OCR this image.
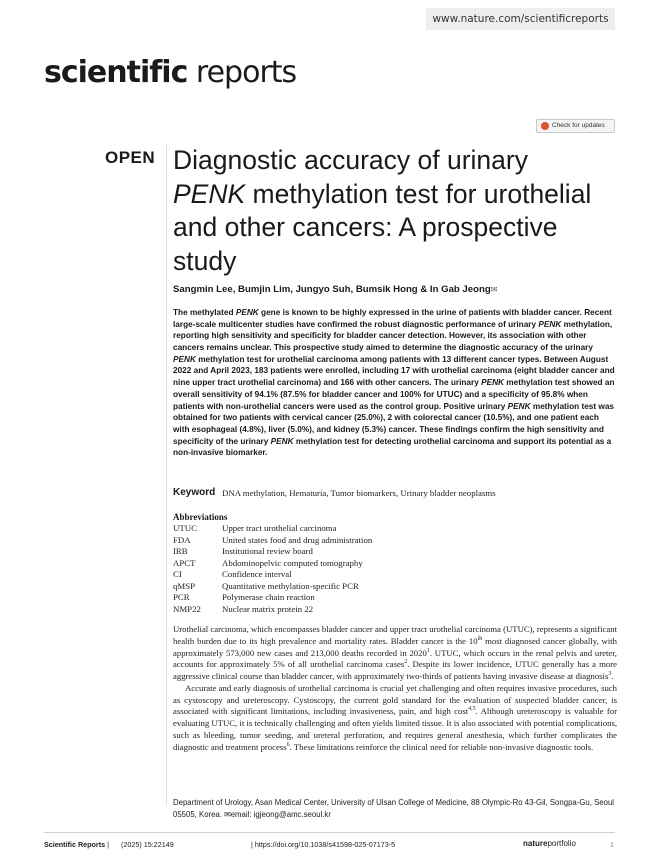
www.nature.com/scientificreports
scientific reports
Check for updates
OPEN Diagnostic accuracy of urinary
PENK methylation test for urothelial and other cancers: A prospective study
Sangmin Lee, Bumjin Lim, Jungyo Suh, Bumsik Hong & In Gab Jeong✉

The methylated PENK gene is known to be highly expressed in the urine of patients with bladder cancer. Recent large-scale multicenter studies have confirmed the robust diagnostic performance of urinary PENK methylation, reporting high sensitivity and specificity for bladder cancer detection. However, its association with other cancers remains unclear. This prospective study aimed to determine the diagnostic accuracy of the urinary PENK methylation test for urothelial carcinoma among patients with 13 different cancer types. Between August 2022 and April 2023, 183 patients were enrolled, including 17 with urothelial carcinoma (eight bladder cancer and nine upper tract urothelial carcinoma) and 166 with other cancers. The urinary PENK methylation test showed an overall sensitivity of 94.1% (87.5% for bladder cancer and 100% for UTUC) and a specificity of 95.8% when patients with non-urothelial cancers were used as the control group. Positive urinary PENK methylation test was obtained for two patients with cervical cancer (25.0%), 2 with colorectal cancer (10.5%), and one patient each with esophageal (4.8%), liver (5.0%), and kidney (5.3%) cancer. These findings confirm the high sensitivity and specificity of the urinary PENK methylation test for detecting urothelial carcinoma and support its potential as a non-invasive biomarker.

Keyword DNA methylation, Hematuria, Tumor biomarkers, Urinary bladder neoplasms
Abbreviations
UTUC	Upper tract urothelial carcinoma
FDA	United states food and drug administration
IRB	Institutional review board
APCT	Abdominopelvic computed tomography
CI	Confidence interval
qMSP	Quantitative methylation-specific PCR
PCR	Polymerase chain reaction
NMP22	Nuclear matrix protein 22

Urothelial carcinoma, which encompasses bladder cancer and upper tract urothelial carcinoma (UTUC), represents a significant health burden due to its high prevalence and mortality rates. Bladder cancer is the 10th most diagnosed cancer globally, with approximately 573,000 new cases and 213,000 deaths recorded in 2020$^1$. UTUC, which occurs in the renal pelvis and ureter, accounts for approximately 5% of all urothelial carcinoma cases$^2$. Despite its lower incidence, UTUC generally has a more aggressive clinical course than bladder cancer, with approximately two-thirds of patients having invasive disease at diagnosis$^3$.

Accurate and early diagnosis of urothelial carcinoma is crucial yet challenging and often requires invasive procedures, such as cystoscopy and ureteroscopy. Cystoscopy, the current gold standard for the evaluation of suspected bladder cancer, is associated with significant limitations, including invasiveness, pain, and high cost$^{4,5}$. Although ureteroscopy is valuable for evaluating UTUC, it is technically challenging and often yields limited tissue. It is also associated with potential complications, such as bleeding, tumor seeding, and ureteral perforation, and requires general anesthesia, which further complicates the diagnostic and treatment process$^6$. These limitations reinforce the clinical need for reliable non-invasive diagnostic tools.

Department of Urology, Asan Medical Center, University of Ulsan College of Medicine, 88 Olympic-Ro 43-Gil, Songpa-Gu, Seoul 05505, Korea. ✉email: igjeong@amc.seoul.kr

Scientific Reports |      (2025) 15:22149	| https://doi.org/10.1038/s41598-025-07173-5	natureportfolio	1
